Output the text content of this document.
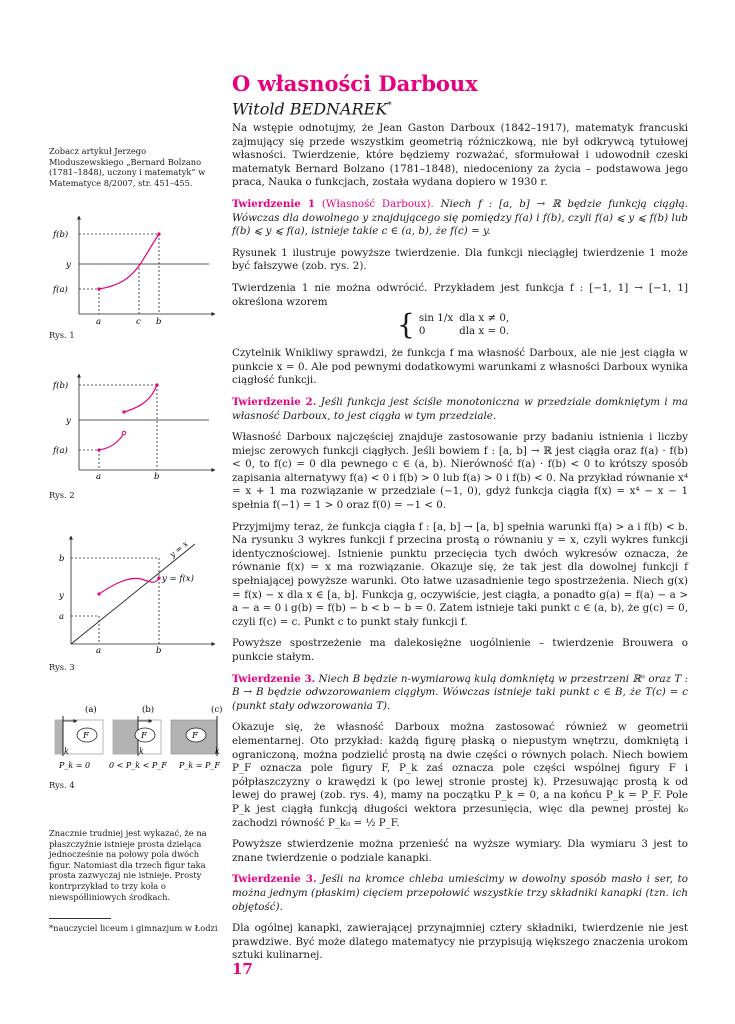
O własności Darboux
Witold BEDNAREK*
Zobacz artykuł Jerzego Mioduszewskiego „Bernard Bolzano (1781–1848), uczony i matematyk” w Matematyce 8/2007, str. 451–455.
f(b)
y
f(a)
a	c b
Rys. 1
f(b)
y
f(a)
a	b
Rys. 2
b
y
a
a	b
y = f(x)
y = x
Rys. 3
(a)
F
k
P_k = 0
(b)
F
k
0 < P_k < P_F
(c)
F
k
P_k = P_F
Rys. 4
Znacznie trudniej jest wykazać, że na płaszczyźnie istnieje prosta dzieląca jednocześnie na połowy pola dwóch figur. Natomiast dla trzech figur taka prosta zazwyczaj nie istnieje. Prosty kontrprzykład to trzy koła o niewspółliniowych środkach.
*nauczyciel liceum i gimnazjum w Łodzi

Na wstępie odnotujmy, że Jean Gaston Darboux (1842–1917), matematyk francuski zajmujący się przede wszystkim geometrią różniczkową, nie był odkrywcą tytułowej własności. Twierdzenie, które będziemy rozważać, sformułował i udowodnił czeski matematyk Bernard Bolzano (1781–1848), niedoceniony za życia – podstawowa jego praca, Nauka o funkcjach, została wydana dopiero w 1930 r.

Twierdzenie 1 (Własność Darboux). Niech f : [a, b] → ℝ będzie funkcją ciągłą. Wówczas dla dowolnego y znajdującego się pomiędzy f(a) i f(b), czyli f(a) ⩽ y ⩽ f(b) lub f(b) ⩽ y ⩽ f(a), istnieje takie c ∈ (a, b), że f(c) = y.

Rysunek 1 ilustruje powyższe twierdzenie. Dla funkcji nieciągłej twierdzenie 1 może być fałszywe (zob. rys. 2).

Twierdzenia 1 nie można odwrócić. Przykładem jest funkcja f : [−1, 1] → [−1, 1] określona wzorem

{ sin 1/x	dla x ≠ 0,
0	dla x = 0.

Czytelnik Wnikliwy sprawdzi, że funkcja f ma własność Darboux, ale nie jest ciągła w punkcie x = 0. Ale pod pewnymi dodatkowymi warunkami z własności Darboux wynika ciągłość funkcji.

Twierdzenie 2. Jeśli funkcja jest ściśle monotoniczna w przedziale domkniętym i ma własność Darboux, to jest ciągła w tym przedziale.

Własność Darboux najczęściej znajduje zastosowanie przy badaniu istnienia i liczby miejsc zerowych funkcji ciągłych. Jeśli bowiem f : [a, b] → ℝ jest ciągła oraz f(a) · f(b) < 0, to f(c) = 0 dla pewnego c ∈ (a, b). Nierówność f(a) · f(b) < 0 to krótszy sposób zapisania alternatywy f(a) < 0 i f(b) > 0 lub f(a) > 0 i f(b) < 0. Na przykład równanie x⁴ = x + 1 ma rozwiązanie w przedziale (−1, 0), gdyż funkcja ciągła f(x) = x⁴ − x − 1 spełnia f(−1) = 1 > 0 oraz f(0) = −1 < 0.

Przyjmijmy teraz, że funkcja ciągła f : [a, b] → [a, b] spełnia warunki f(a) > a i f(b) < b. Na rysunku 3 wykres funkcji f przecina prostą o równaniu y = x, czyli wykres funkcji identycznościowej. Istnienie punktu przecięcia tych dwóch wykresów oznacza, że równanie f(x) = x ma rozwiązanie. Okazuje się, że tak jest dla dowolnej funkcji f spełniającej powyższe warunki. Oto łatwe uzasadnienie tego spostrzeżenia. Niech g(x) = f(x) − x dla x ∈ [a, b]. Funkcja g, oczywiście, jest ciągła, a ponadto g(a) = f(a) − a > a − a = 0 i g(b) = f(b) − b < b − b = 0. Zatem istnieje taki punkt c ∈ (a, b), że g(c) = 0, czyli f(c) = c. Punkt c to punkt stały funkcji f.

Powyższe spostrzeżenie ma dalekosiężne uogólnienie – twierdzenie Brouwera o punkcie stałym.

Twierdzenie 3. Niech B będzie n-wymiarową kulą domkniętą w przestrzeni ℝⁿ oraz T : B → B będzie odwzorowaniem ciągłym. Wówczas istnieje taki punkt c ∈ B, że T(c) = c (punkt stały odwzorowania T).

Okazuje się, że własność Darboux można zastosować również w geometrii elementarnej. Oto przykład: każdą figurę płaską o niepustym wnętrzu, domkniętą i ograniczoną, można podzielić prostą na dwie części o równych polach. Niech bowiem P_F oznacza pole figury F, P_k zaś oznacza pole części wspólnej figury F i półpłaszczyzny o krawędzi k (po lewej stronie prostej k). Przesuwając prostą k od lewej do prawej (zob. rys. 4), mamy na początku P_k = 0, a na końcu P_k = P_F. Pole P_k jest ciągłą funkcją długości wektora przesunięcia, więc dla pewnej prostej k₀ zachodzi równość P_k₀ = ½ P_F.

Powyższe stwierdzenie można przenieść na wyższe wymiary. Dla wymiaru 3 jest to znane twierdzenie o podziale kanapki.

Twierdzenie 3. Jeśli na kromce chleba umieścimy w dowolny sposób masło i ser, to można jednym (płaskim) cięciem przepołowić wszystkie trzy składniki kanapki (tzn. ich objętość).

Dla ogólnej kanapki, zawierającej przynajmniej cztery składniki, twierdzenie nie jest prawdziwe. Być może dlatego matematycy nie przypisują większego znaczenia urokom sztuki kulinarnej.

17
